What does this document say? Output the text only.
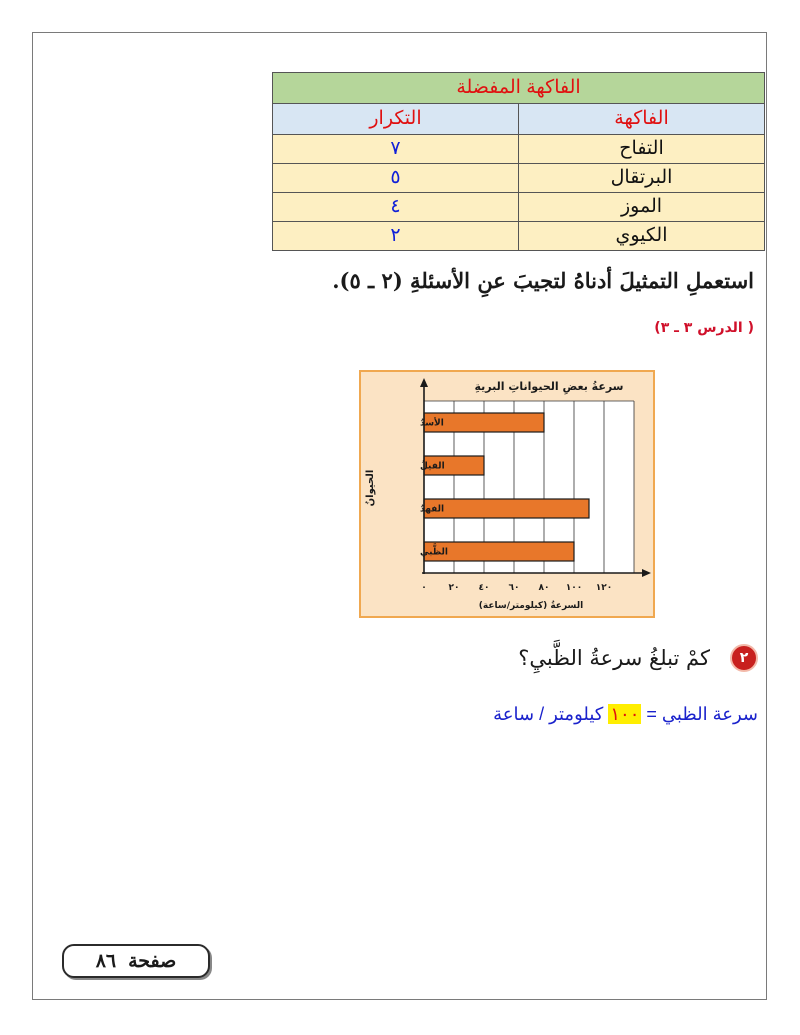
الفاكهة المفضلة	
الفاكهة	التكرار
التفاح	٧
البرتقال	٥
الموز	٤
الكيوي	٢
استعملِ التمثيلَ أدناهُ لتجيبَ عنِ الأسئلةِ (٢ ـ ٥).
( الدرس ٣ ـ ٣)
الأسدُ
الفيلُ
الفهدُ
الظَّبي
٠ ٢٠ ٤٠ ٦٠ ٨٠ ١٠٠ ١٢٠
سرعةُ بعضِ الحيواناتِ البريةِ
السرعةُ (كيلومتر/ساعة)
الحيوانُ
٢
كمْ تبلغُ سرعةُ الظَّبيِ؟
سرعة الظبي = ١٠٠ كيلومتر / ساعة
صفحة
٨٦
